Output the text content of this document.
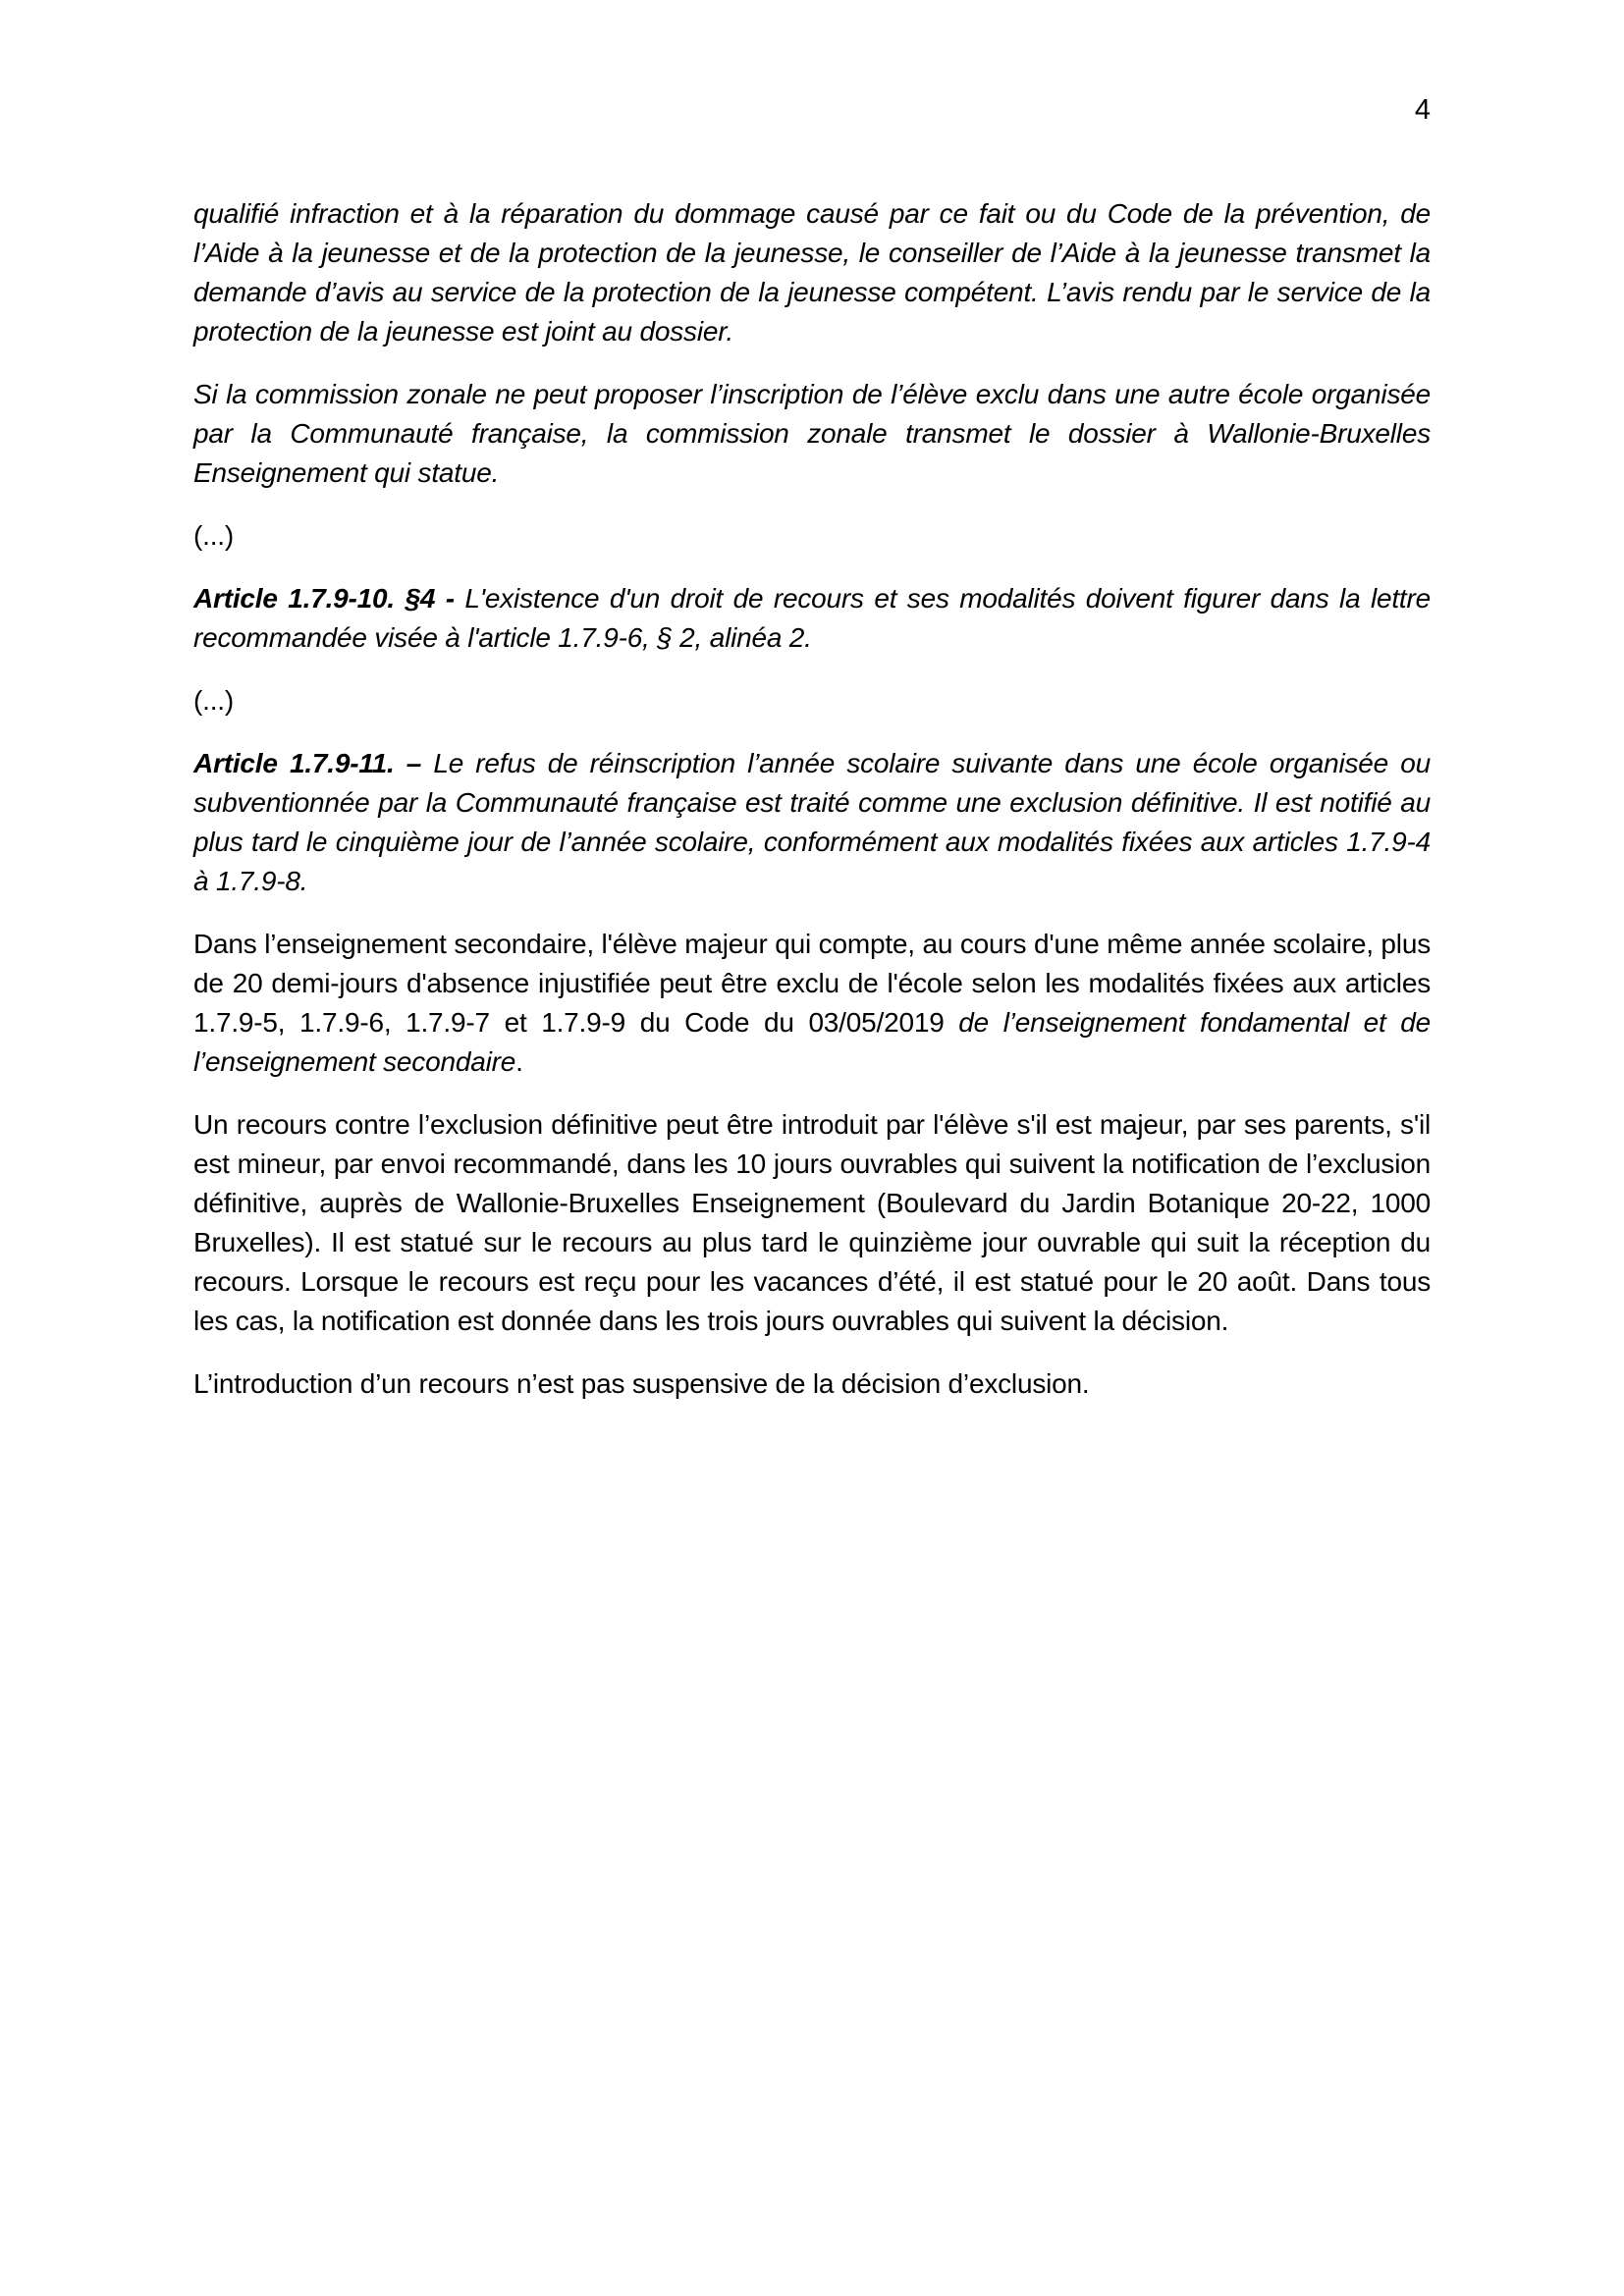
4

qualifié infraction et à la réparation du dommage causé par ce fait ou du Code de la prévention, de l’Aide à la jeunesse et de la protection de la jeunesse, le conseiller de l’Aide à la jeunesse transmet la demande d’avis au service de la protection de la jeunesse compétent. L’avis rendu par le service de la protection de la jeunesse est joint au dossier.

Si la commission zonale ne peut proposer l’inscription de l’élève exclu dans une autre école organisée par la Communauté française, la commission zonale transmet le dossier à Wallonie-Bruxelles Enseignement qui statue.

(...)

Article 1.7.9-10. §4 - L'existence d'un droit de recours et ses modalités doivent figurer dans la lettre recommandée visée à l'article 1.7.9-6, § 2, alinéa 2.

(...)

Article 1.7.9-11. – Le refus de réinscription l’année scolaire suivante dans une école organisée ou subventionnée par la Communauté française est traité comme une exclusion définitive. Il est notifié au plus tard le cinquième jour de l’année scolaire, conformément aux modalités fixées aux articles 1.7.9-4 à 1.7.9-8.

Dans l’enseignement secondaire, l'élève majeur qui compte, au cours d'une même année scolaire, plus de 20 demi-jours d'absence injustifiée peut être exclu de l'école selon les modalités fixées aux articles 1.7.9-5, 1.7.9-6, 1.7.9-7 et 1.7.9-9 du Code du 03/05/2019 de l’enseignement fondamental et de l’enseignement secondaire.

Un recours contre l’exclusion définitive peut être introduit par l'élève s'il est majeur, par ses parents, s'il est mineur, par envoi recommandé, dans les 10 jours ouvrables qui suivent la notification de l’exclusion définitive, auprès de Wallonie-Bruxelles Enseignement (Boulevard du Jardin Botanique 20-22, 1000 Bruxelles). Il est statué sur le recours au plus tard le quinzième jour ouvrable qui suit la réception du recours. Lorsque le recours est reçu pour les vacances d’été, il est statué pour le 20 août. Dans tous les cas, la notification est donnée dans les trois jours ouvrables qui suivent la décision.

L’introduction d’un recours n’est pas suspensive de la décision d’exclusion.
